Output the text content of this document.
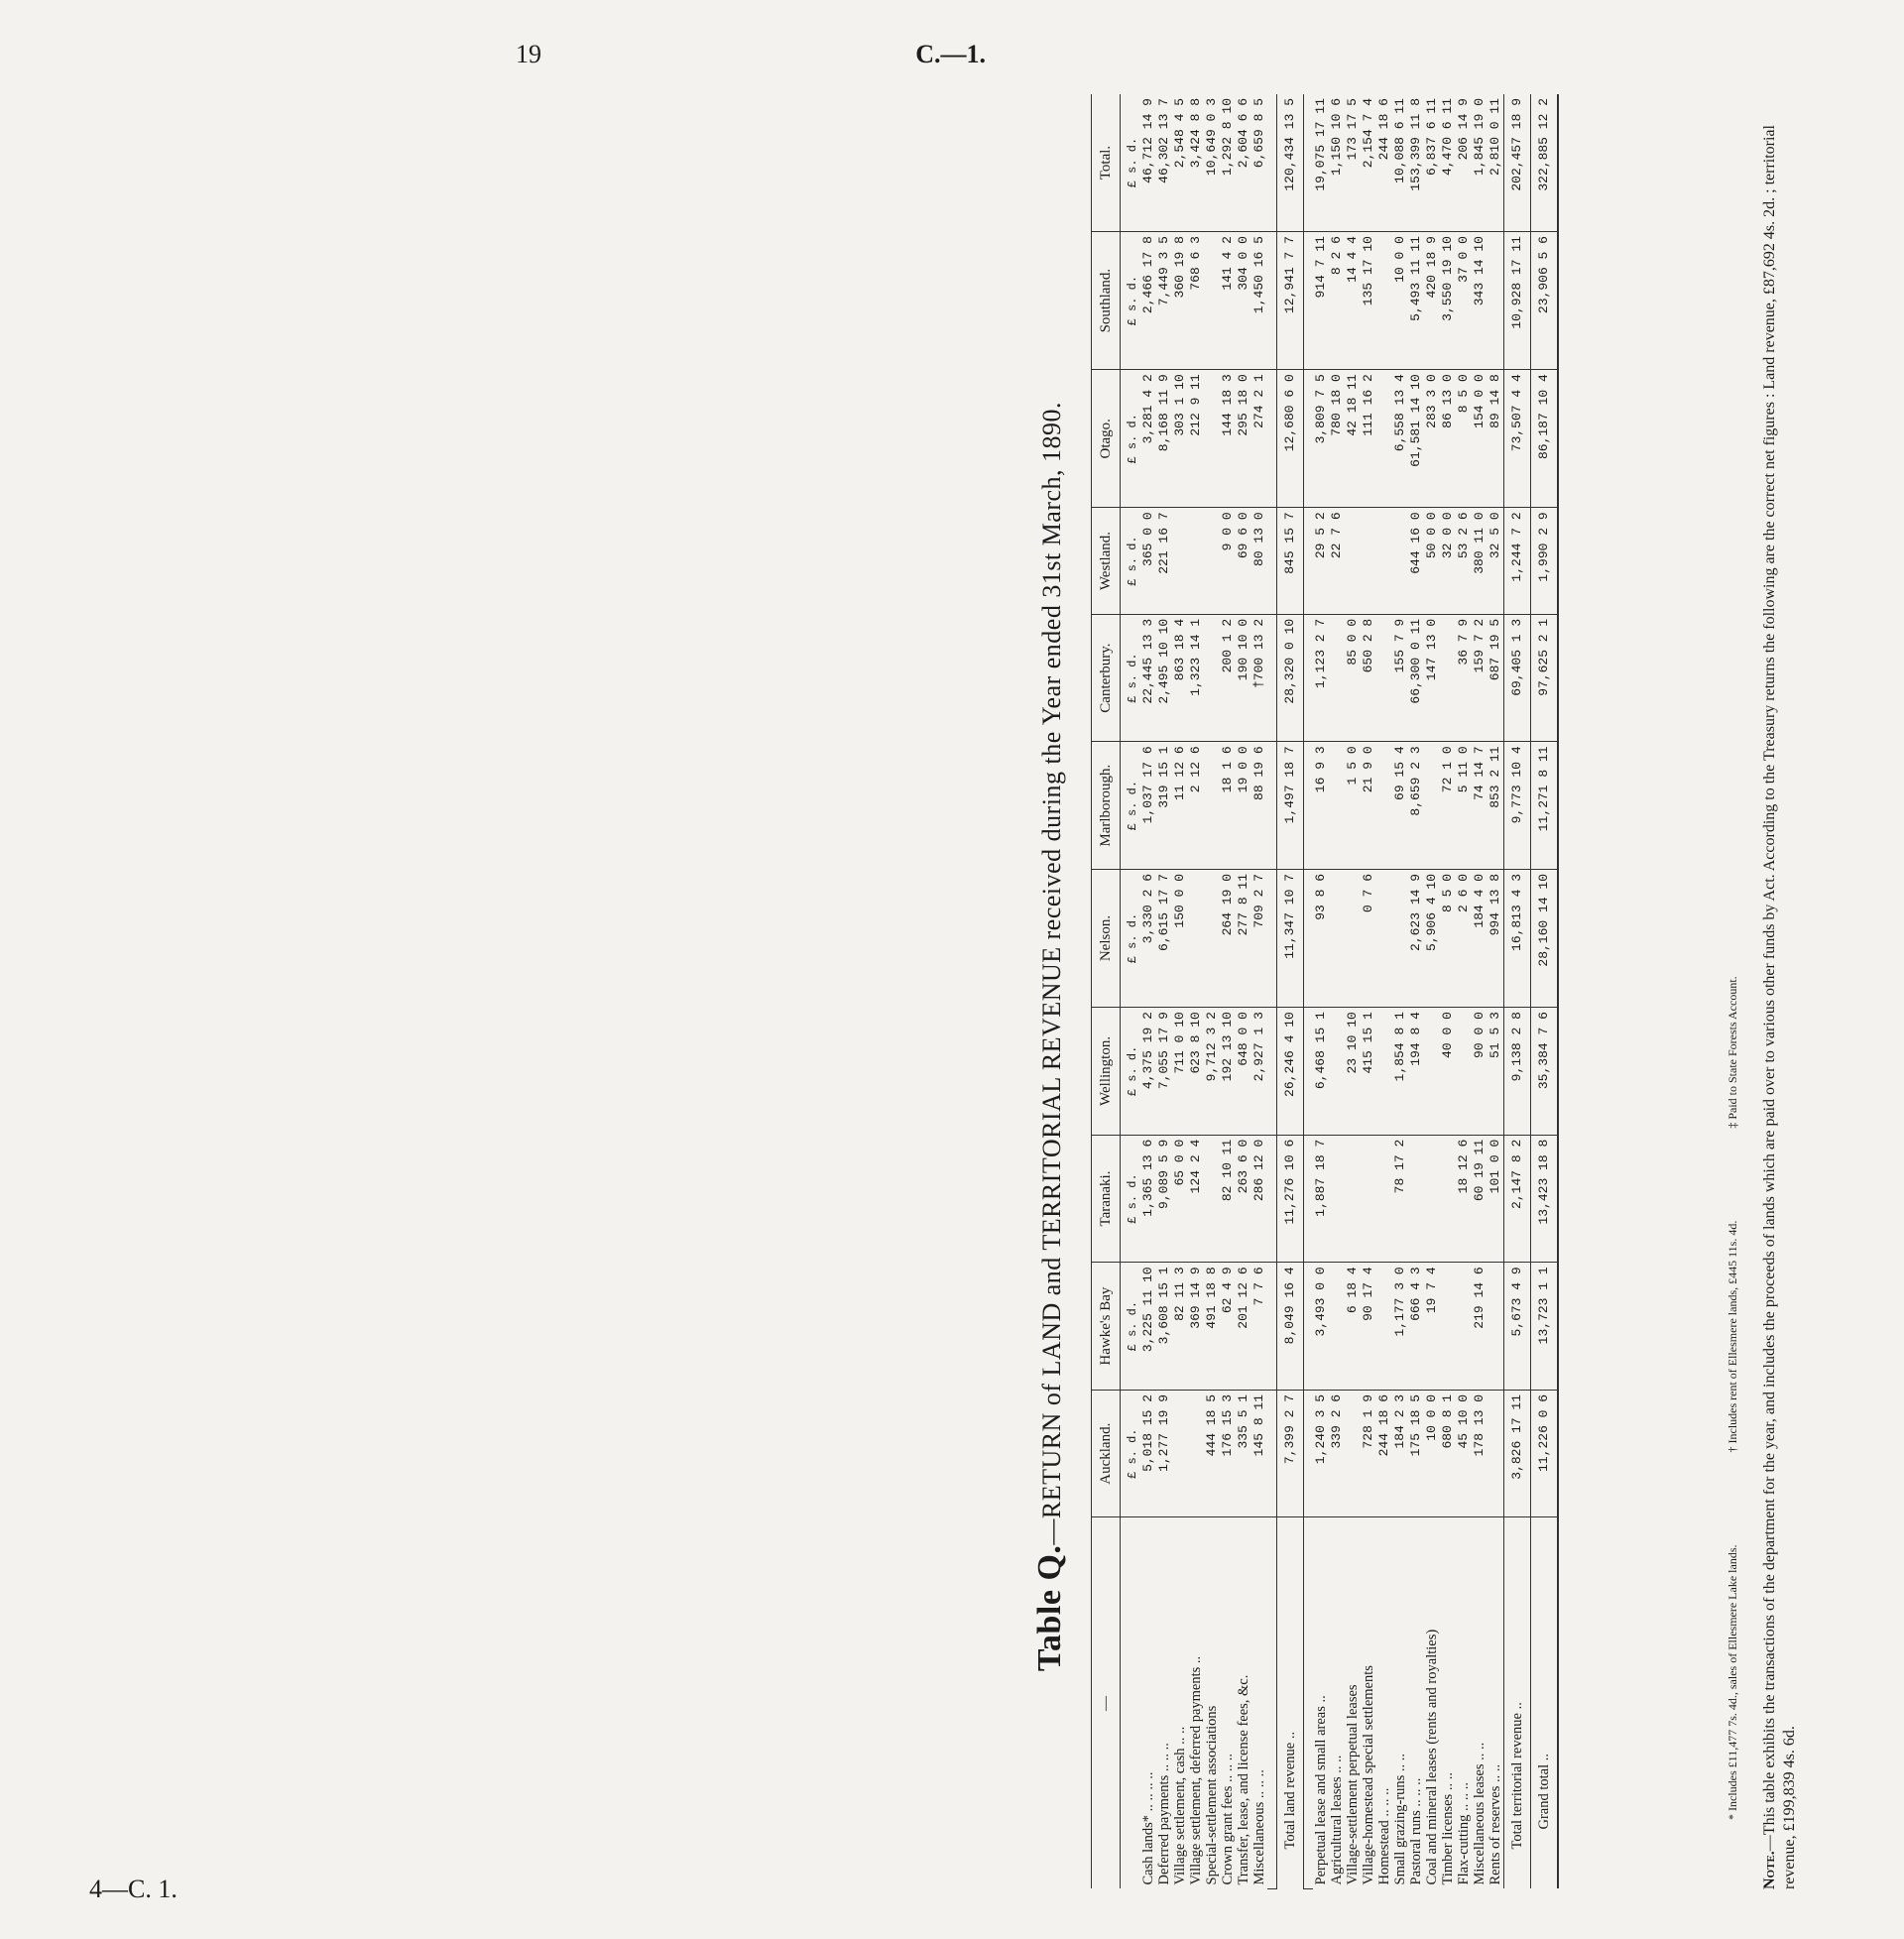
19	C.—1.
4—C. 1.
Table Q.—RETURN of LAND and TERRITORIAL REVENUE received during the Year ended 31st March, 1890.
—	Auckland.	Hawke's Bay	Taranaki.	Wellington.	Nelson.	Marlborough.	Canterbury.	Westland.	Otago.	Southland.	Total.
	£ s. d.	£ s. d.	£ s. d.	£ s. d.	£ s. d.	£ s. d.	£ s. d.	£ s. d.	£ s. d.	£ s. d.	£ s. d.
Cash lands* .. .. .. ..	5,018 15 2	3,225 11 10	1,365 13 6	4,375 19 2	3,330 2 6	1,037 17 6	22,445 13 3	365 0 0	3,281 4 2	2,466 17 8	46,712 14 9
Deferred payments .. .. ..	1,277 19 9	3,608 15 1	9,089 5 9	7,055 17 9	6,615 17 7	319 15 1	2,495 10 10	221 16 7	8,168 11 9	7,449 3 5	46,302 13 7
Village settlement, cash .. ..		82 11 3	65 0 0	711 0 10	150 0 0	11 12 6	863 18 4		303 1 10	360 19 8	2,548 4 5
Village settlement, deferred payments ..		369 14 9	124 2 4	623 8 10		2 12 6	1,323 14 1		212 9 11	768 6 3	3,424 8 8
Special-settlement associations	444 18 5	491 18 8		9,712 3 2							10,649 0 3
Crown grant fees .. .. ..	176 15 3	62 4 9	82 10 11	192 13 10	264 19 0	18 1 6	200 1 2	9 0 0	144 18 3	141 4 2	1,292 8 10
Transfer, lease, and license fees, &c.	335 5 1	201 12 6	263 6 0	648 0 0	277 8 11	19 0 0	190 10 0	69 6 0	295 18 0	304 0 0	2,604 6 6
Miscellaneous .. .. ..	145 8 11	7 7 6	286 12 0	2,927 1 3	709 2 7	88 19 6	†700 13 2	80 13 0	274 2 1	1,450 16 5	6,659 8 5

Total land revenue ..	7,399 2 7	8,049 16 4	11,276 10 6	26,246 4 10	11,347 10 7	1,497 18 7	28,320 0 10	845 15 7	12,680 6 0	12,941 7 7	120,434 13 5

Perpetual lease and small areas ..	1,240 3 5	3,493 0 0	1,887 18 7	6,468 15 1	93 8 6	16 9 3	1,123 2 7	29 5 2	3,809 7 5	914 7 11	19,075 17 11
Agricultural leases .. ..	339 2 6							22 7 6	780 18 0	8 2 6	1,150 10 6
Village-settlement perpetual leases		6 18 4		23 10 10		1 5 0	85 0 0		42 18 11	14 4 4	173 17 5
Village-homestead special settlements	728 1 9	90 17 4		415 15 1	0 7 6	21 9 0	650 2 8		111 16 2	135 17 10	2,154 7 4
Homestead .. .. ..	244 18 6										244 18 6
Small grazing-runs .. ..	184 2 3	1,177 3 0	78 17 2	1,854 8 1		69 15 4	155 7 9		6,558 13 4	10 0 0	10,088 6 11
Pastoral runs .. .. ..	175 18 5	666 4 3		194 8 4	2,623 14 9	8,659 2 3	66,300 0 11	644 16 0	61,581 14 10	5,493 11 11	153,399 11 8
Coal and mineral leases (rents and royalties)	10 0 0	19 7 4			5,906 4 10		147 13 0	50 0 0	283 3 0	420 18 9	6,837 6 11
Timber licenses .. ..	680 8 1			40 0 0	8 5 0	72 1 0		32 0 0	86 13 0	3,550 19 10	4,470 6 11
Flax-cutting .. .. ..	45 10 0		18 12 6		2 6 0	5 11 0	36 7 9	53 2 6	8 5 0	37 0 0	206 14 9
Miscellaneous leases .. ..	178 13 0	219 14 6	60 19 11	90 0 0	184 4 0	74 14 7	159 7 2	380 11 0	154 0 0	343 14 10	1,845 19 0
Rents of reserves .. ..			101 0 0	51 5 3	994 13 8	853 2 11	687 19 5	32 5 0	89 14 8		2,810 0 11
Total territorial revenue ..	3,826 17 11	5,673 4 9	2,147 8 2	9,138 2 8	16,813 4 3	9,773 10 4	69,405 1 3	1,244 7 2	73,507 4 4	10,928 17 11	202,457 18 9
Grand total ..	11,226 0 6	13,723 1 1	13,423 18 8	35,384 7 6	28,160 14 10	11,271 8 11	97,625 2 1	1,990 2 9	86,187 10 4	23,906 5 6	322,885 12 2
* Includes £11,477 7s. 4d., sales of Ellesmere Lake lands. † Includes rent of Ellesmere lands, £445 11s. 4d. ‡ Paid to State Forests Account.
Note.—This table exhibits the transactions of the department for the year, and includes the proceeds of lands which are paid over to various other funds by Act. According to the Treasury returns the following are the correct net figures : Land revenue, £87,692 4s. 2d. ; territorial revenue, £199,839 4s. 6d.
